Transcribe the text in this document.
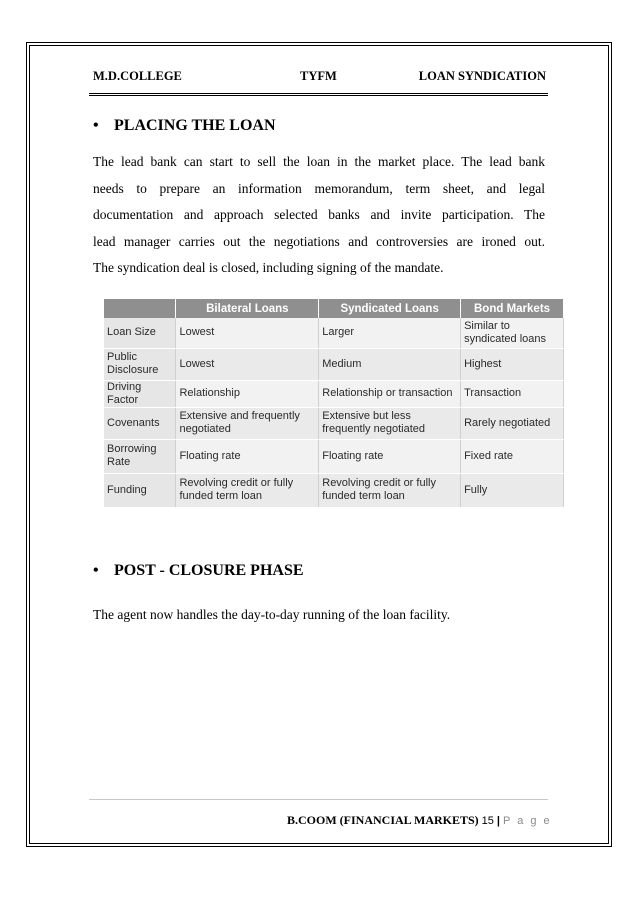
M.D.COLLEGE	TYFM	LOAN SYNDICATION
• PLACING THE LOAN
The lead bank can start to sell the loan in the market place. The lead bank
needs to prepare an information memorandum, term sheet, and legal
documentation and approach selected banks and invite participation. The
lead manager carries out the negotiations and controversies are ironed out.
The syndication deal is closed, including signing of the mandate.
	Bilateral Loans	Syndicated Loans	Bond Markets
Loan Size	Lowest	Larger	Similar to syndicated loans
Public Disclosure	Lowest	Medium	Highest
Driving Factor	Relationship	Relationship or transaction	Transaction
Covenants	Extensive and frequently negotiated	Extensive but less frequently negotiated	Rarely negotiated
Borrowing Rate	Floating rate	Floating rate	Fixed rate
Funding	Revolving credit or fully funded term loan	Revolving credit or fully funded term loan	Fully
• POST - CLOSURE PHASE
The agent now handles the day-to-day running of the loan facility.
B.COOM (FINANCIAL MARKETS) 15 | P a g e
